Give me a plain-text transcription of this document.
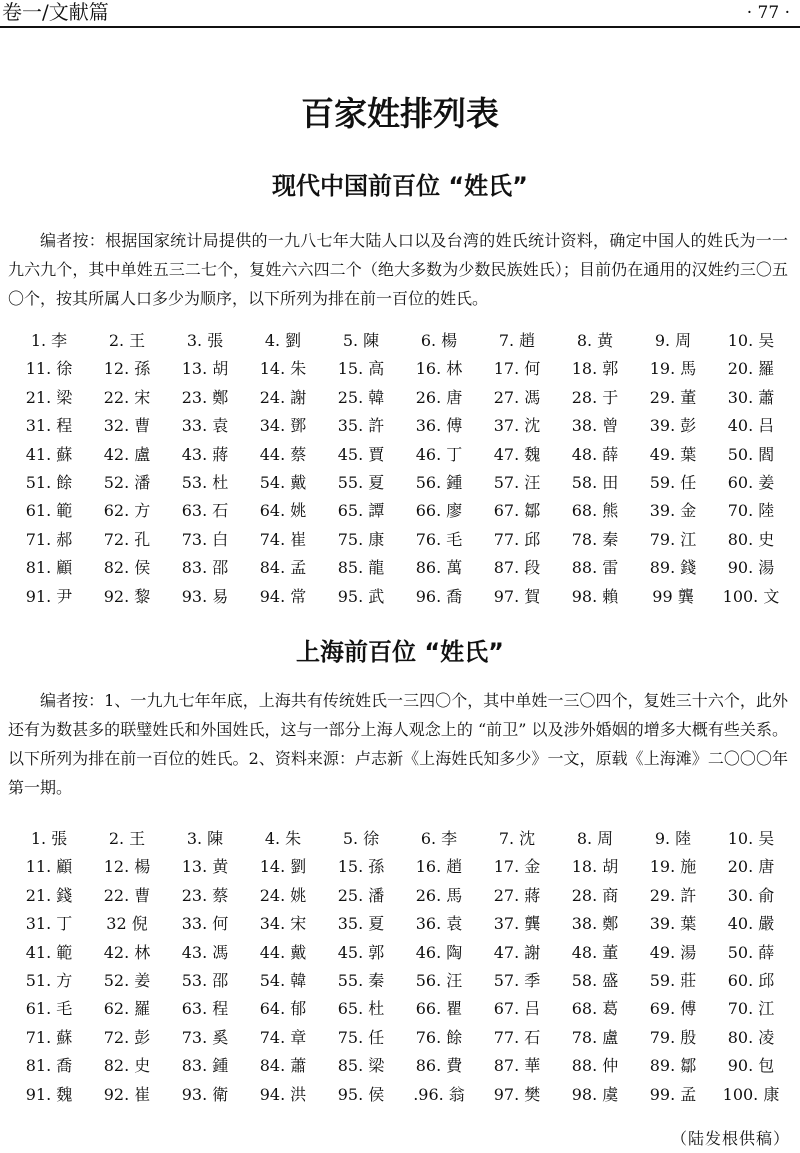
卷一/文献篇	· 77 ·
百家姓排列表
现代中国前百位 “姓氏”

编者按：根据国家统计局提供的一九八七年大陆人口以及台湾的姓氏统计资料，确定中国人的姓氏为一一九六九个，其中单姓五三二七个，复姓六六四二个（绝大多数为少数民族姓氏）；目前仍在通用的汉姓约三〇五〇个，按其所属人口多少为顺序，以下所列为排在前一百位的姓氏。

1. 李	2. 王	3. 張	4. 劉	5. 陳	6. 楊	7. 趙	8. 黄	9. 周	10. 吴
11. 徐	12. 孫	13. 胡	14. 朱	15. 高	16. 林	17. 何	18. 郭	19. 馬	20. 羅
21. 梁	22. 宋	23. 鄭	24. 謝	25. 韓	26. 唐	27. 馮	28. 于	29. 董	30. 蕭
31. 程	32. 曹	33. 袁	34. 鄧	35. 許	36. 傅	37. 沈	38. 曾	39. 彭	40. 吕
41. 蘇	42. 盧	43. 蔣	44. 蔡	45. 賈	46. 丁	47. 魏	48. 薛	49. 葉	50. 閻
51. 餘	52. 潘	53. 杜	54. 戴	55. 夏	56. 鍾	57. 汪	58. 田	59. 任	60. 姜
61. 範	62. 方	63. 石	64. 姚	65. 譚	66. 廖	67. 鄒	68. 熊	39. 金	70. 陸
71. 郝	72. 孔	73. 白	74. 崔	75. 康	76. 毛	77. 邱	78. 秦	79. 江	80. 史
81. 顧	82. 侯	83. 邵	84. 孟	85. 龍	86. 萬	87. 段	88. 雷	89. 錢	90. 湯
91. 尹	92. 黎	93. 易	94. 常	95. 武	96. 喬	97. 賀	98. 賴	99 龔	100. 文
上海前百位 “姓氏”

编者按：1、一九九七年年底，上海共有传统姓氏一三四〇个，其中单姓一三〇四个，复姓三十六个，此外还有为数甚多的联璧姓氏和外国姓氏，这与一部分上海人观念上的 “前卫” 以及涉外婚姻的增多大概有些关系。以下所列为排在前一百位的姓氏。2、资料来源：卢志新《上海姓氏知多少》一文，原载《上海滩》二〇〇〇年第一期。

1. 張	2. 王	3. 陳	4. 朱	5. 徐	6. 李	7. 沈	8. 周	9. 陸	10. 吴
11. 顧	12. 楊	13. 黄	14. 劉	15. 孫	16. 趙	17. 金	18. 胡	19. 施	20. 唐
21. 錢	22. 曹	23. 蔡	24. 姚	25. 潘	26. 馬	27. 蔣	28. 商	29. 許	30. 俞
31. 丁	32 倪	33. 何	34. 宋	35. 夏	36. 袁	37. 龔	38. 鄭	39. 葉	40. 嚴
41. 範	42. 林	43. 馮	44. 戴	45. 郭	46. 陶	47. 謝	48. 董	49. 湯	50. 薛
51. 方	52. 姜	53. 邵	54. 韓	55. 秦	56. 汪	57. 季	58. 盛	59. 莊	60. 邱
61. 毛	62. 羅	63. 程	64. 郁	65. 杜	66. 瞿	67. 吕	68. 葛	69. 傅	70. 江
71. 蘇	72. 彭	73. 奚	74. 章	75. 任	76. 餘	77. 石	78. 盧	79. 殷	80. 凌
81. 喬	82. 史	83. 鍾	84. 蕭	85. 梁	86. 費	87. 華	88. 仲	89. 鄒	90. 包
91. 魏	92. 崔	93. 衛	94. 洪	95. 侯	.96. 翁	97. 樊	98. 虞	99. 孟	100. 康
（陆发根供稿）
